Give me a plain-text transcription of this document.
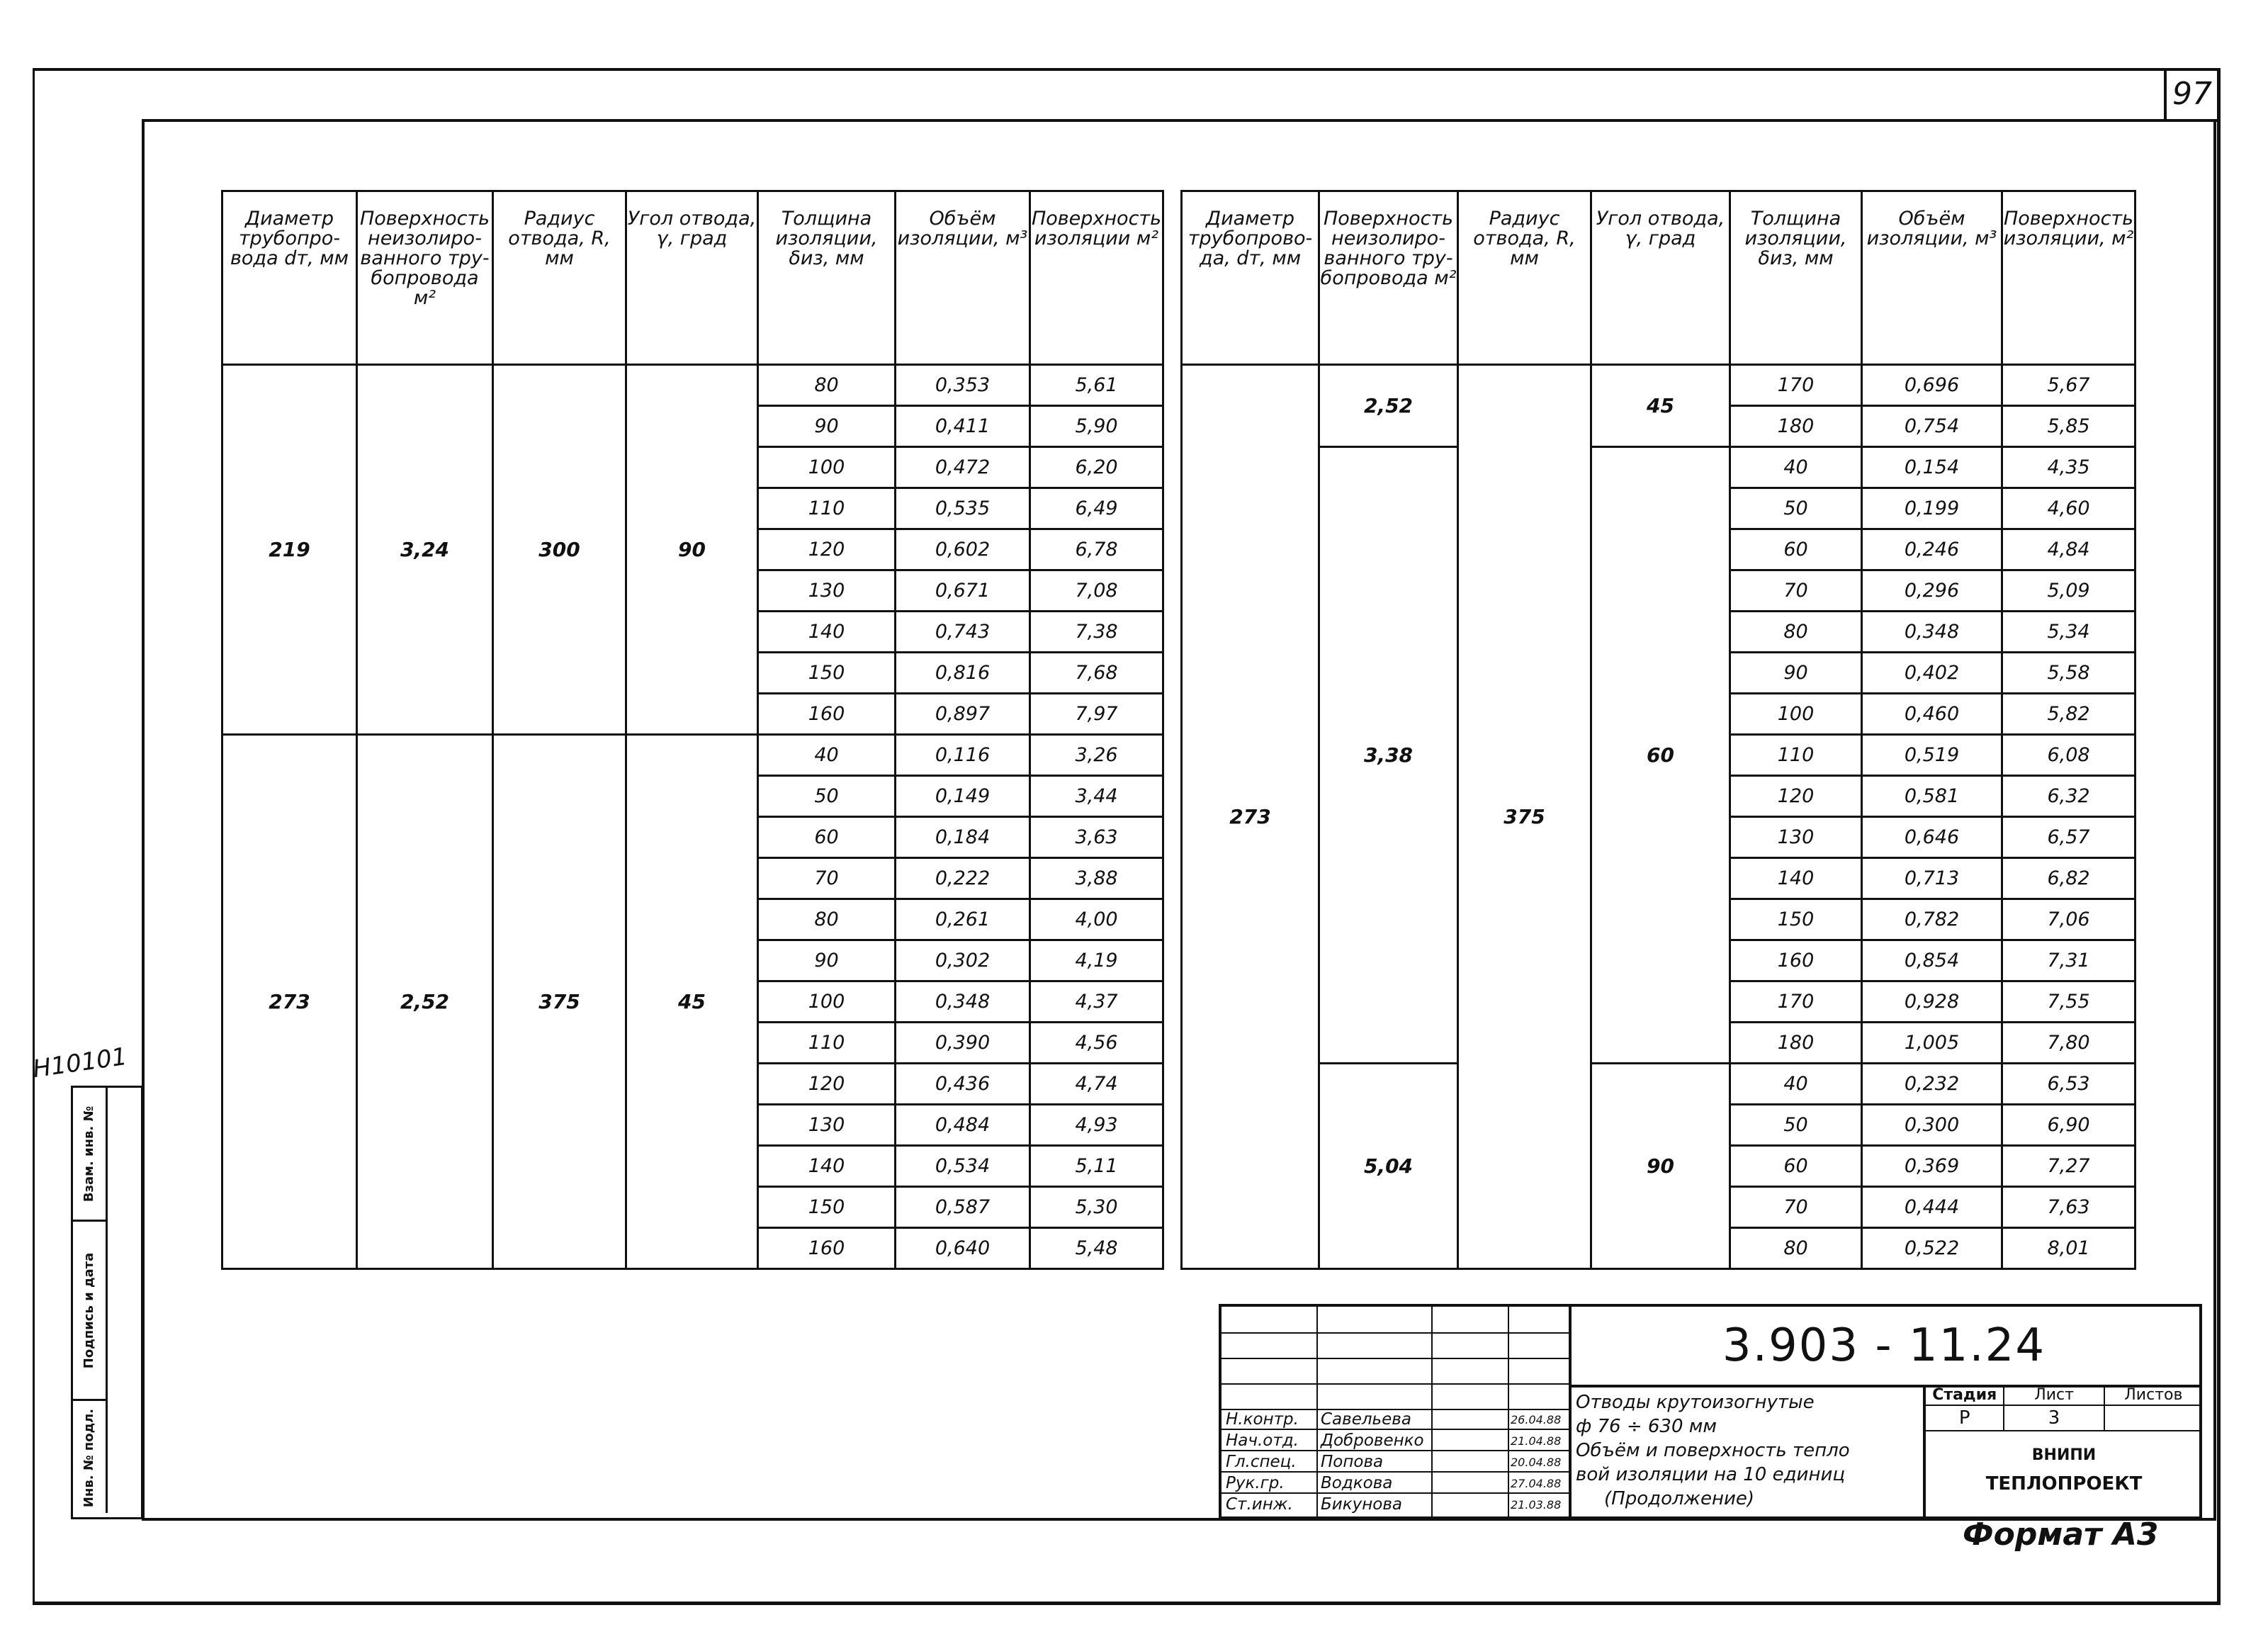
97
Диаметр трубопро-вода dт, мм	Поверхность неизолиро-ванного тру-бопровода м²	Радиус отвода, R, мм	Угол отвода, γ, град	Толщина изоляции, δиз, мм	Объём изоляции, м³	Поверхность изоляции м²
219	3,24	300	90	80	0,353	5,61
				90	0,411	5,90
				100	0,472	6,20
				110	0,535	6,49
				120	0,602	6,78
				130	0,671	7,08
				140	0,743	7,38
				150	0,816	7,68
				160	0,897	7,97
273	2,52	375	45	40	0,116	3,26
				50	0,149	3,44
				60	0,184	3,63
				70	0,222	3,88
				80	0,261	4,00
				90	0,302	4,19
				100	0,348	4,37
				110	0,390	4,56
				120	0,436	4,74
				130	0,484	4,93
				140	0,534	5,11
				150	0,587	5,30
				160	0,640	5,48
Диаметр трубопрово-да, dт, мм	Поверхность неизолиро-ванного тру-бопровода м²	Радиус отвода, R, мм	Угол отвода, γ, град	Толщина изоляции, δиз, мм	Объём изоляции, м³	Поверхность изоляции, м²
273	2,52	375	45	170	0,696	5,67
				180	0,754	5,85
	3,38		60	40	0,154	4,35
				50	0,199	4,60
				60	0,246	4,84
				70	0,296	5,09
				80	0,348	5,34
				90	0,402	5,58
				100	0,460	5,82
				110	0,519	6,08
				120	0,581	6,32
				130	0,646	6,57
				140	0,713	6,82
				150	0,782	7,06
				160	0,854	7,31
				170	0,928	7,55
				180	1,005	7,80
	5,04		90	40	0,232	6,53
				50	0,300	6,90
				60	0,369	7,27
				70	0,444	7,63
				80	0,522	8,01
Н10101
Взам. инв. №
Подпись и дата
Инв. № подл.	Н.контр. Савельева	26.04.88
Нач.отд. Добровенко	21.04.88
Гл.спец. Попова	20.04.88
Рук.гр. Водкова	27.04.88
Ст.инж. Бикунова	21.03.88
3.903 - 11.24
Отводы крутоизогнутые
ф 76 ÷ 630 мм
Объём и поверхность тепло
вой изоляции на 10 единиц
(Продолжение)
Стадия	Лист	Листов
Р	3
ВНИПИ
ТЕПЛОПРОЕКТ
Формат А3
